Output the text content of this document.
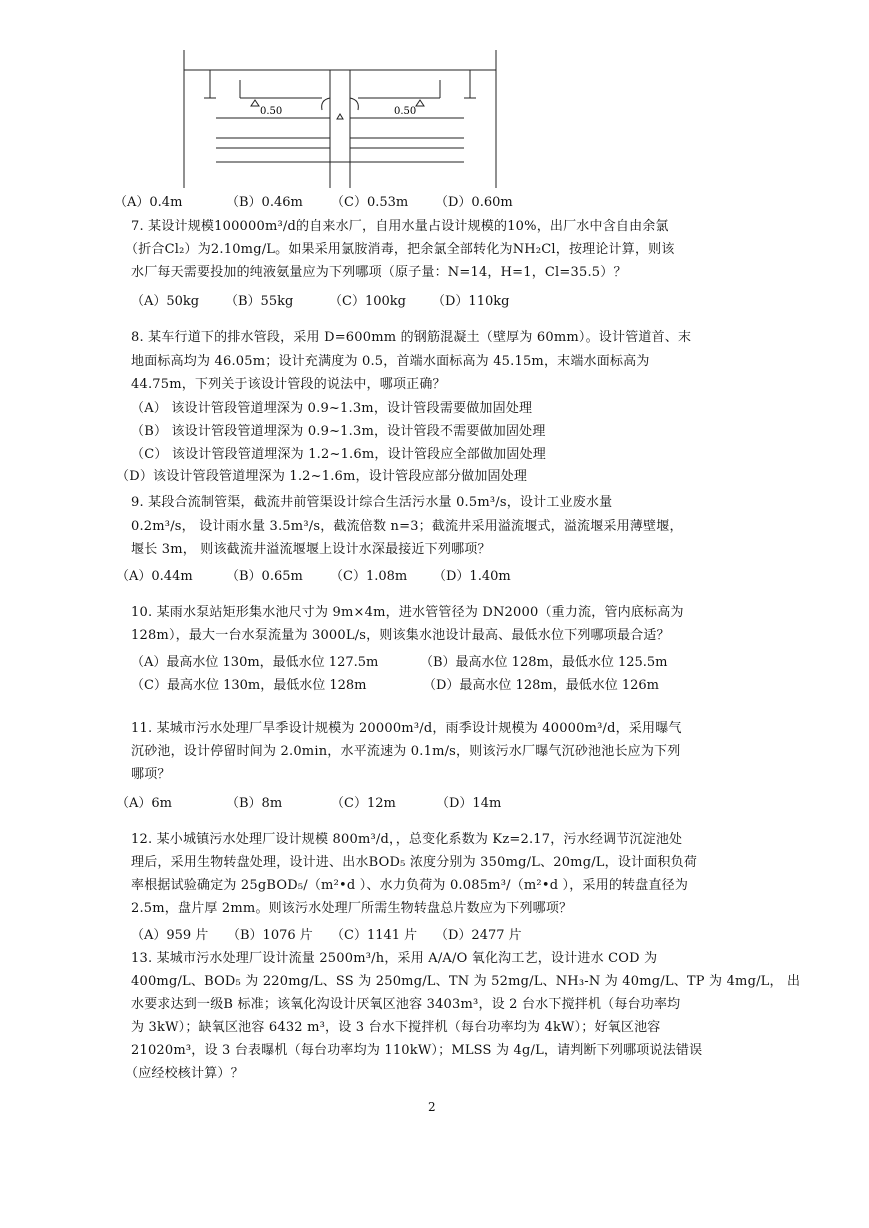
0.50	0.50
（A）0.4m	（B）0.46m （C）0.53m （D）0.60m
7. 某设计规模100000m³/d的自来水厂，自用水量占设计规模的10%，出厂水中含自由余氯
（折合Cl₂）为2.10mg/L。如果采用氯胺消毒，把余氯全部转化为NH₂Cl，按理论计算，则该
水厂每天需要投加的纯液氨量应为下列哪项（原子量：N=14，H=1，Cl=35.5）？
（A）50kg （B）55kg	（C）100kg （D）110kg
8. 某车行道下的排水管段，采用 D=600mm 的钢筋混凝土（壁厚为 60mm）。设计管道首、末
地面标高均为 46.05m；设计充满度为 0.5，首端水面标高为 45.15m，末端水面标高为
44.75m，下列关于该设计管段的说法中，哪项正确？
（A） 该设计管段管道埋深为 0.9~1.3m，设计管段需要做加固处理
（B） 该设计管段管道埋深为 0.9~1.3m，设计管段不需要做加固处理
（C） 该设计管段管道埋深为 1.2~1.6m，设计管段应全部做加固处理
（D）该设计管段管道埋深为 1.2~1.6m，设计管段应部分做加固处理
9. 某段合流制管渠，截流井前管渠设计综合生活污水量 0.5m³/s，设计工业废水量
0.2m³/s， 设计雨水量 3.5m³/s，截流倍数 n=3；截流井采用溢流堰式，溢流堰采用薄壁堰，
堰长 3m， 则该截流井溢流堰堰上设计水深最接近下列哪项？
（A）0.44m	（B）0.65m （C）1.08m （D）1.40m
10. 某雨水泵站矩形集水池尺寸为 9m×4m，进水管管径为 DN2000（重力流，管内底标高为
128m），最大一台水泵流量为 3000L/s，则该集水池设计最高、最低水位下列哪项最合适？
（A）最高水位 130m，最低水位 127.5m	（B）最高水位 128m，最低水位 125.5m
（C）最高水位 130m，最低水位 128m	（D）最高水位 128m，最低水位 126m
11. 某城市污水处理厂旱季设计规模为 20000m³/d，雨季设计规模为 40000m³/d，采用曝气
沉砂池，设计停留时间为 2.0min，水平流速为 0.1m/s，则该污水厂曝气沉砂池池长应为下列
哪项？
（A）6m	（B）8m	（C）12m	（D）14m
12. 某小城镇污水处理厂设计规模 800m³/d，，总变化系数为 Kz=2.17，污水经调节沉淀池处
理后，采用生物转盘处理，设计进、出水BOD₅ 浓度分别为 350mg/L、20mg/L，设计面积负荷
率根据试验确定为 25gBOD₅/（m²•d ）、水力负荷为 0.085m³/（m²•d ），采用的转盘直径为
2.5m，盘片厚 2mm。则该污水处理厂所需生物转盘总片数应为下列哪项？
（A）959 片 （B）1076 片 （C）1141 片 （D）2477 片
13. 某城市污水处理厂设计流量 2500m³/h，采用 A/A/O 氧化沟工艺，设计进水 COD 为
400mg/L、BOD₅ 为 220mg/L、SS 为 250mg/L、TN 为 52mg/L、NH₃-N 为 40mg/L、TP 为 4mg/L， 出
水要求达到一级B 标准；该氧化沟设计厌氧区池容 3403m³，设 2 台水下搅拌机（每台功率均
为 3kW）；缺氧区池容 6432 m³，设 3 台水下搅拌机（每台功率均为 4kW）；好氧区池容
21020m³，设 3 台表曝机（每台功率均为 110kW）；MLSS 为 4g/L，请判断下列哪项说法错误
（应经校核计算）？
2
